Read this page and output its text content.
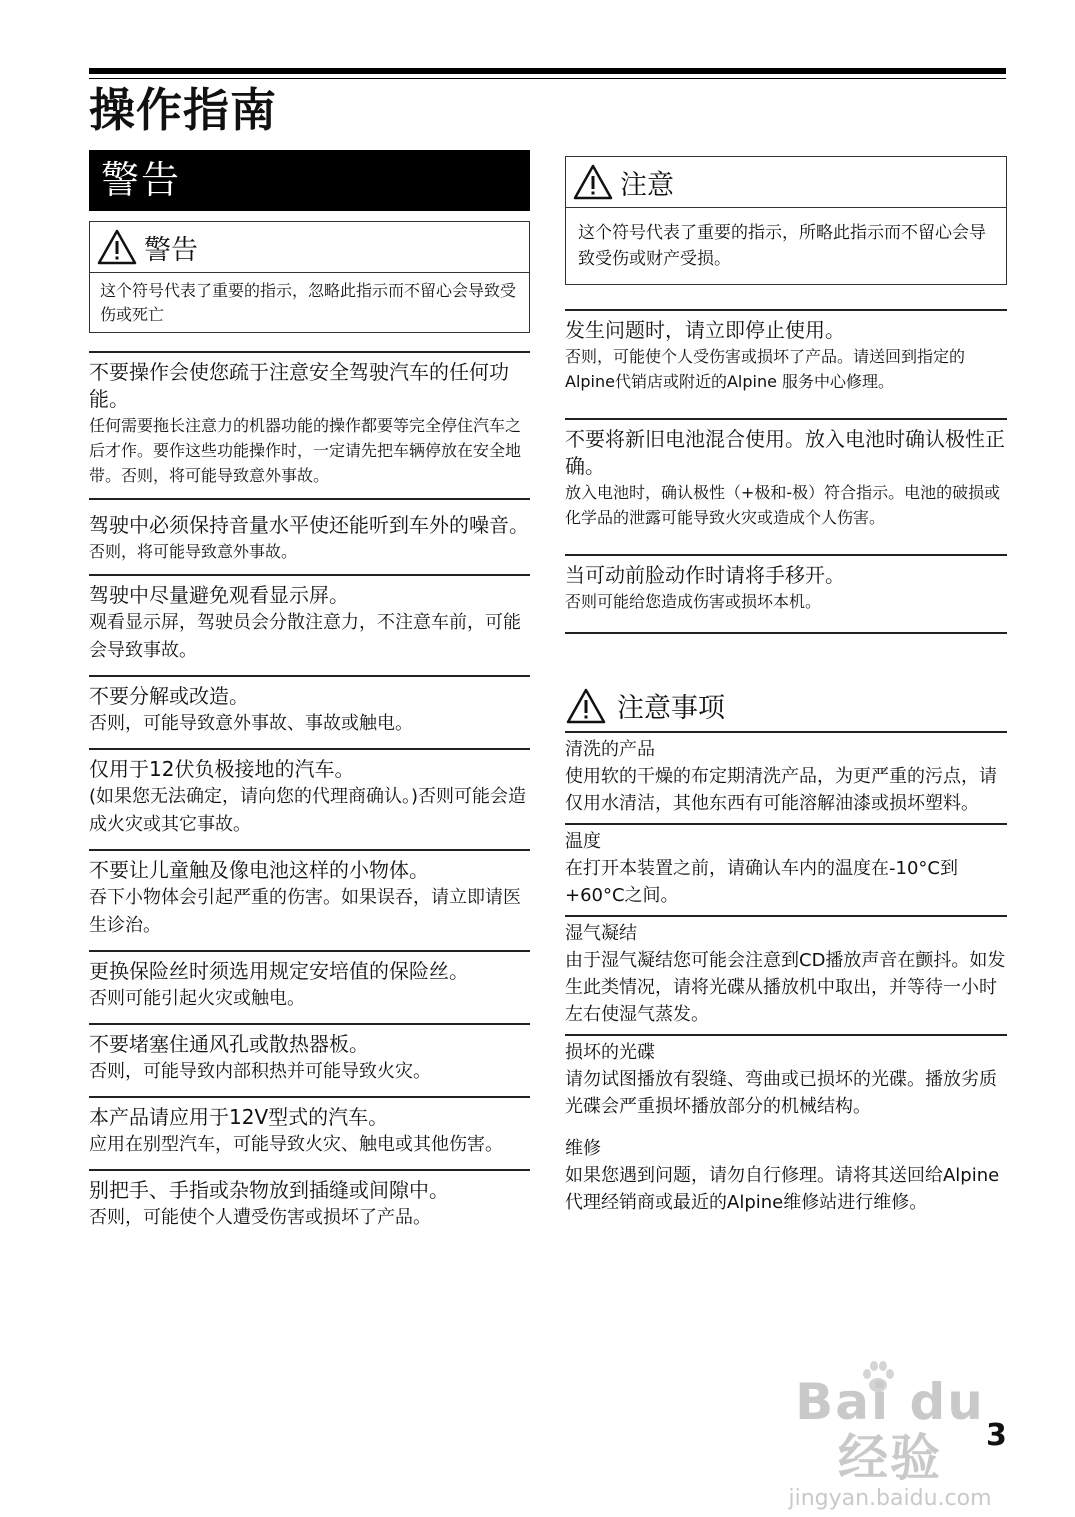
操作指南
警告
警告
这个符号代表了重要的指示，忽略此指示而不留心会导致受伤或死亡
不要操作会使您疏于注意安全驾驶汽车的任何功能。
任何需要拖长注意力的机器功能的操作都要等完全停住汽车之后才作。要作这些功能操作时，一定请先把车辆停放在安全地带。否则，将可能导致意外事故。
驾驶中必须保持音量水平使还能听到车外的噪音。
否则，将可能导致意外事故。
驾驶中尽量避免观看显示屏。
观看显示屏，驾驶员会分散注意力，不注意车前，可能会导致事故。
不要分解或改造。
否则，可能导致意外事故、事故或触电。
仅用于12伏负极接地的汽车。
(如果您无法确定，请向您的代理商确认。)否则可能会造成火灾或其它事故。
不要让儿童触及像电池这样的小物体。
吞下小物体会引起严重的伤害。如果误吞，请立即请医生诊治。
更换保险丝时须选用规定安培值的保险丝。
否则可能引起火灾或触电。
不要堵塞住通风孔或散热器板。
否则，可能导致内部积热并可能导致火灾。
本产品请应用于12V型式的汽车。
应用在别型汽车，可能导致火灾、触电或其他伤害。
别把手、手指或杂物放到插缝或间隙中。
否则，可能使个人遭受伤害或损坏了产品。
注意
这个符号代表了重要的指示，所略此指示而不留心会导致受伤或财产受损。
发生问题时，请立即停止使用。
否则，可能使个人受伤害或损坏了产品。请送回到指定的Alpine代销店或附近的Alpine 服务中心修理。
不要将新旧电池混合使用。放入电池时确认极性正确。
放入电池时，确认极性（+极和-极）符合指示。电池的破损或化学品的泄露可能导致火灾或造成个人伤害。
当可动前脸动作时请将手移开。
否则可能给您造成伤害或损坏本机。
注意事项
清洗的产品
使用软的干燥的布定期清洗产品，为更严重的污点，请仅用水清洁，其他东西有可能溶解油漆或损坏塑料。
温度
在打开本装置之前，请确认车内的温度在-10°C到+60°C之间。
湿气凝结
由于湿气凝结您可能会注意到CD播放声音在颤抖。如发生此类情况，请将光碟从播放机中取出，并等待一小时左右使湿气蒸发。
损坏的光碟
请勿试图播放有裂缝、弯曲或已损坏的光碟。播放劣质光碟会严重损坏播放部分的机械结构。
维修
如果您遇到问题，请勿自行修理。请将其送回给Alpine代理经销商或最近的Alpine维修站进行维修。
Bai du 经验
jingyan.baidu.com
3
